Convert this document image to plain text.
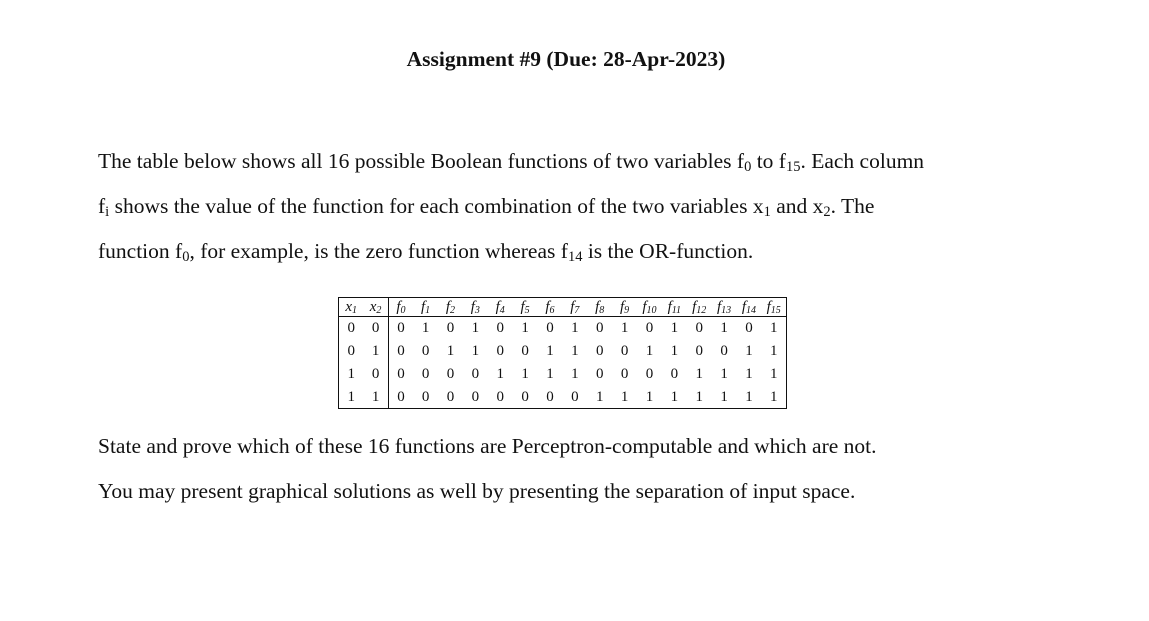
Assignment #9 (Due: 28-Apr-2023)
The table below shows all 16 possible Boolean functions of two variables $f_0$ to $f_{15}$. Each column
$f_i$ shows the value of the function for each combination of the two variables $x_1$ and $x_2$. The
function $f_0$, for example, is the zero function whereas $f_{14}$ is the OR-function.
$x_1$	$x_2$	$f_0$	$f_1$	$f_2$	$f_3$	$f_4$	$f_5$	$f_6$	$f_7$	$f_8$	$f_9$	$f_{10}$	$f_{11}$	$f_{12}$	$f_{13}$	$f_{14}$	$f_{15}$
0	0	0	1	0	1	0	1	0	1	0	1	0	1	0	1	0	1
0	1	0	0	1	1	0	0	1	1	0	0	1	1	0	0	1	1
1	0	0	0	0	0	1	1	1	1	0	0	0	0	1	1	1	1
1	1	0	0	0	0	0	0	0	0	1	1	1	1	1	1	1	1
State and prove which of these 16 functions are Perceptron-computable and which are not.
You may present graphical solutions as well by presenting the separation of input space.
